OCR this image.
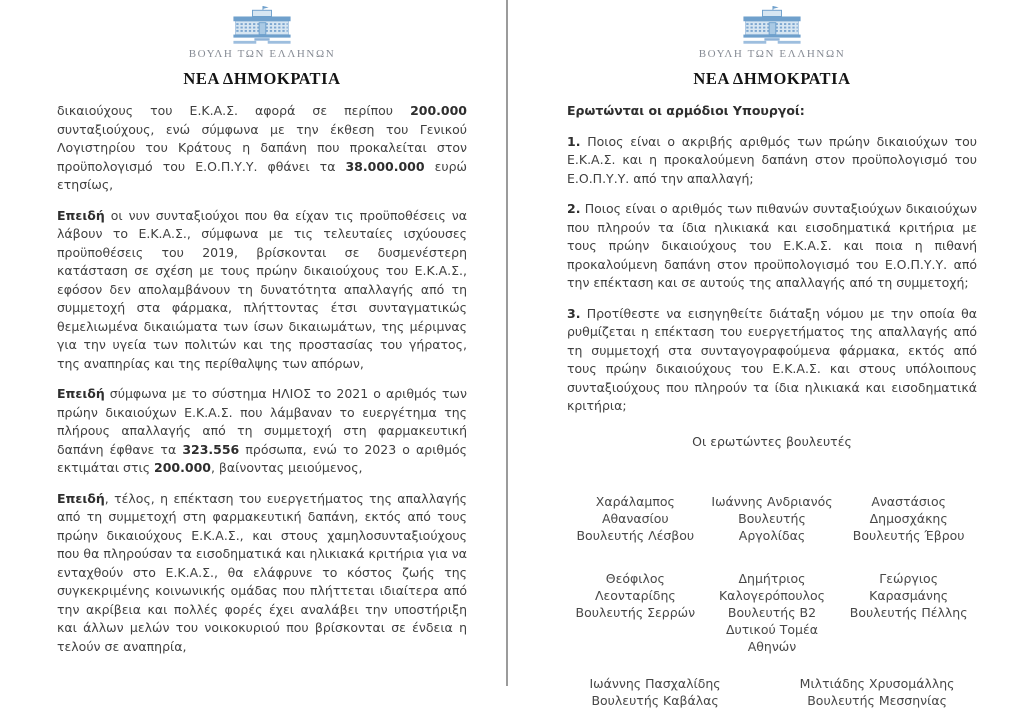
ΒΟΥΛΗ ΤΩΝ ΕΛΛΗΝΩΝ
ΝΕΑ ΔΗΜΟΚΡΑΤΙΑ

δικαιούχους του Ε.Κ.Α.Σ. αφορά σε περίπου 200.000 συνταξιούχους, ενώ σύμφωνα με την έκθεση του Γενικού Λογιστηρίου του Κράτους η δαπάνη που προκαλείται στον προϋπολογισμό του Ε.Ο.Π.Υ.Υ. φθάνει τα 38.000.000 ευρώ ετησίως,

Επειδή οι νυν συνταξιούχοι που θα είχαν τις προϋποθέσεις να λάβουν το Ε.Κ.Α.Σ., σύμφωνα με τις τελευταίες ισχύουσες προϋποθέσεις του 2019, βρίσκονται σε δυσμενέστερη κατάσταση σε σχέση με τους πρώην δικαιούχους του Ε.Κ.Α.Σ., εφόσον δεν απολαμβάνουν τη δυνατότητα απαλλαγής από τη συμμετοχή στα φάρμακα, πλήττοντας έτσι συνταγματικώς θεμελιωμένα δικαιώματα των ίσων δικαιωμάτων, της μέριμνας για την υγεία των πολιτών και της προστασίας του γήρατος, της αναπηρίας και της περίθαλψης των απόρων,

Επειδή σύμφωνα με το σύστημα ΗΛΙΟΣ το 2021 ο αριθμός των πρώην δικαιούχων Ε.Κ.Α.Σ. που λάμβαναν το ευεργέτημα της πλήρους απαλλαγής από τη συμμετοχή στη φαρμακευτική δαπάνη έφθανε τα 323.556 πρόσωπα, ενώ το 2023 ο αριθμός εκτιμάται στις 200.000, βαίνοντας μειούμενος,

Επειδή, τέλος, η επέκταση του ευεργετήματος της απαλλαγής από τη συμμετοχή στη φαρμακευτική δαπάνη, εκτός από τους πρώην δικαιούχους Ε.Κ.Α.Σ., και στους χαμηλοσυνταξιούχους που θα πληρούσαν τα εισοδηματικά και ηλικιακά κριτήρια για να ενταχθούν στο Ε.Κ.Α.Σ., θα ελάφρυνε το κόστος ζωής της συγκεκριμένης κοινωνικής ομάδας που πλήττεται ιδιαίτερα από την ακρίβεια και πολλές φορές έχει αναλάβει την υποστήριξη και άλλων μελών του νοικοκυριού που βρίσκονται σε ένδεια η τελούν σε αναπηρία,

ΒΟΥΛΗ ΤΩΝ ΕΛΛΗΝΩΝ
ΝΕΑ ΔΗΜΟΚΡΑΤΙΑ

Ερωτώνται οι αρμόδιοι Υπουργοί:

1. Ποιος είναι ο ακριβής αριθμός των πρώην δικαιούχων του Ε.Κ.Α.Σ. και η προκαλούμενη δαπάνη στον προϋπολογισμό του Ε.Ο.Π.Υ.Υ. από την απαλλαγή;

2. Ποιος είναι ο αριθμός των πιθανών συνταξιούχων δικαιούχων που πληρούν τα ίδια ηλικιακά και εισοδηματικά κριτήρια με τους πρώην δικαιούχους του Ε.Κ.Α.Σ. και ποια η πιθανή προκαλούμενη δαπάνη στον προϋπολογισμό του Ε.Ο.Π.Υ.Υ. από την επέκταση και σε αυτούς της απαλλαγής από τη συμμετοχή;

3. Προτίθεστε να εισηγηθείτε διάταξη νόμου με την οποία θα ρυθμίζεται η επέκταση του ευεργετήματος της απαλλαγής από τη συμμετοχή στα συνταγογραφούμενα φάρμακα, εκτός από τους πρώην δικαιούχους του Ε.Κ.Α.Σ. και στους υπόλοιπους συνταξιούχους που πληρούν τα ίδια ηλικιακά και εισοδηματικά κριτήρια;

Οι ερωτώντες βουλευτές
Χαράλαμπος Αθανασίου
Βουλευτής Λέσβου
Ιωάννης Ανδριανός
Βουλευτής Αργολίδας
Αναστάσιος Δημοσχάκης
Βουλευτής Έβρου
Θεόφιλος Λεονταρίδης
Βουλευτής Σερρών
Δημήτριος Καλογερόπουλος
Βουλευτής Β2 Δυτικού Τομέα Αθηνών
Γεώργιος Καρασμάνης
Βουλευτής Πέλλης
Ιωάννης Πασχαλίδης
Βουλευτής Καβάλας
Μιλτιάδης Χρυσομάλλης
Βουλευτής Μεσσηνίας
